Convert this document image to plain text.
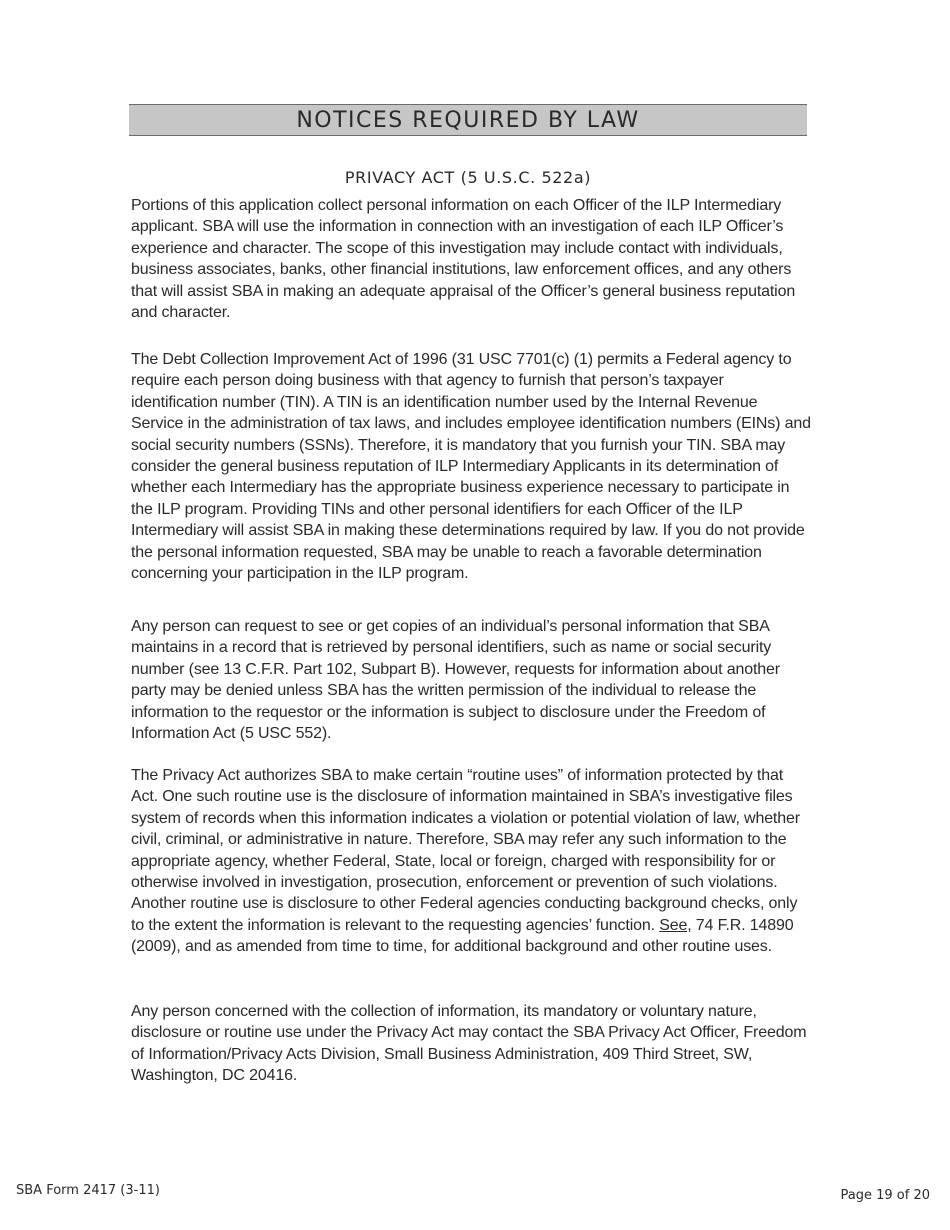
NOTICES REQUIRED BY LAW
PRIVACY ACT (5 U.S.C. 522a)

Portions of this application collect personal information on each Officer of the ILP Intermediary applicant. SBA will use the information in connection with an investigation of each ILP Officer’s experience and character. The scope of this investigation may include contact with individuals, business associates, banks, other financial institutions, law enforcement offices, and any others that will assist SBA in making an adequate appraisal of the Officer’s general business reputation and character.

The Debt Collection Improvement Act of 1996 (31 USC 7701(c) (1) permits a Federal agency to require each person doing business with that agency to furnish that person’s taxpayer identification number (TIN). A TIN is an identification number used by the Internal Revenue Service in the administration of tax laws, and includes employee identification numbers (EINs) and social security numbers (SSNs). Therefore, it is mandatory that you furnish your TIN. SBA may consider the general business reputation of ILP Intermediary Applicants in its determination of whether each Intermediary has the appropriate business experience necessary to participate in the ILP program. Providing TINs and other personal identifiers for each Officer of the ILP Intermediary will assist SBA in making these determinations required by law. If you do not provide the personal information requested, SBA may be unable to reach a favorable determination concerning your participation in the ILP program.

Any person can request to see or get copies of an individual’s personal information that SBA maintains in a record that is retrieved by personal identifiers, such as name or social security number (see 13 C.F.R. Part 102, Subpart B). However, requests for information about another party may be denied unless SBA has the written permission of the individual to release the information to the requestor or the information is subject to disclosure under the Freedom of Information Act (5 USC 552).

The Privacy Act authorizes SBA to make certain “routine uses” of information protected by that Act. One such routine use is the disclosure of information maintained in SBA’s investigative files system of records when this information indicates a violation or potential violation of law, whether civil, criminal, or administrative in nature. Therefore, SBA may refer any such information to the appropriate agency, whether Federal, State, local or foreign, charged with responsibility for or otherwise involved in investigation, prosecution, enforcement or prevention of such violations. Another routine use is disclosure to other Federal agencies conducting background checks, only to the extent the information is relevant to the requesting agencies’ function. See, 74 F.R. 14890 (2009), and as amended from time to time, for additional background and other routine uses.

Any person concerned with the collection of information, its mandatory or voluntary nature, disclosure or routine use under the Privacy Act may contact the SBA Privacy Act Officer, Freedom of Information/Privacy Acts Division, Small Business Administration, 409 Third Street, SW, Washington, DC 20416.

SBA Form 2417 (3-11)	Page 19 of 20
